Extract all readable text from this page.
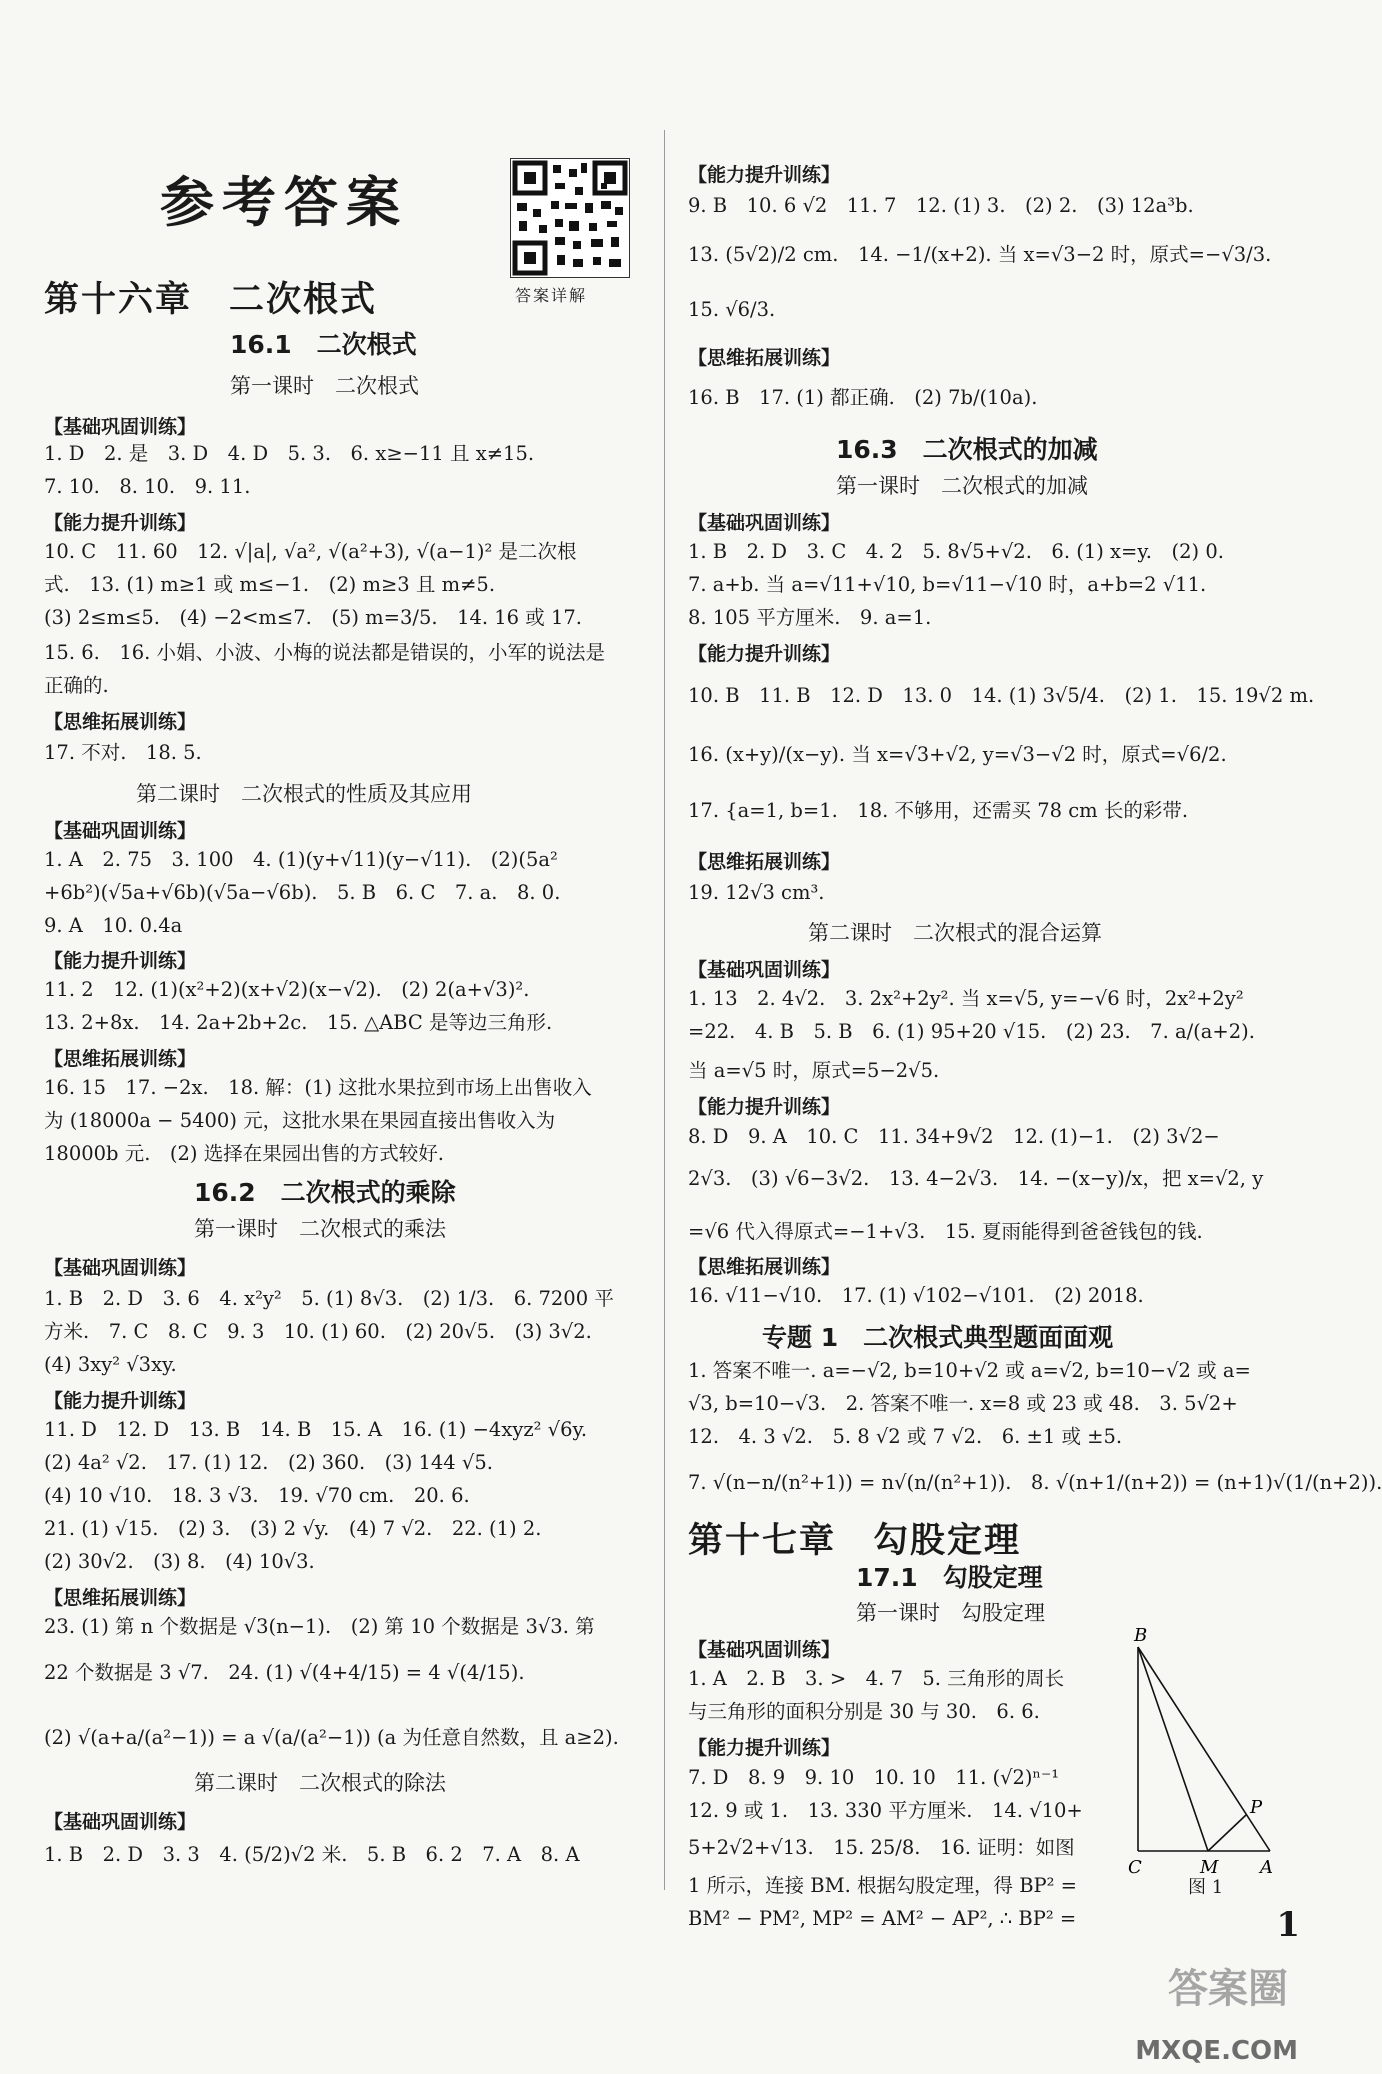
参考答案
答案详解
第十六章　二次根式
16.1　二次根式
第一课时　二次根式
【基础巩固训练】
1. D　2. 是　3. D　4. D　5. 3.　6. x≥−11 且 x≠15.
7. 10.　8. 10.　9. 11.
【能力提升训练】
10. C　11. 60　12. √|a|, √a², √(a²+3), √(a−1)² 是二次根
式.　13. (1) m≥1 或 m≤−1.　(2) m≥3 且 m≠5.
(3) 2≤m≤5.　(4) −2<m≤7.　(5) m=3/5.　14. 16 或 17.
15. 6.　16. 小娟、小波、小梅的说法都是错误的，小军的说法是
正确的.
【思维拓展训练】
17. 不对.　18. 5.
第二课时　二次根式的性质及其应用
【基础巩固训练】
1. A　2. 75　3. 100　4. (1)(y+√11)(y−√11).　(2)(5a²
+6b²)(√5a+√6b)(√5a−√6b).　5. B　6. C　7. a.　8. 0.
9. A　10. 0.4a
【能力提升训练】
11. 2　12. (1)(x²+2)(x+√2)(x−√2).　(2) 2(a+√3)².
13. 2+8x.　14. 2a+2b+2c.　15. △ABC 是等边三角形.
【思维拓展训练】
16. 15　17. −2x.　18. 解：(1) 这批水果拉到市场上出售收入
为 (18000a − 5400) 元，这批水果在果园直接出售收入为
18000b 元.　(2) 选择在果园出售的方式较好.
16.2　二次根式的乘除
第一课时　二次根式的乘法
【基础巩固训练】
1. B　2. D　3. 6　4. x²y²　5. (1) 8√3.　(2) 1/3.　6. 7200 平
方米.　7. C　8. C　9. 3　10. (1) 60.　(2) 20√5.　(3) 3√2.
(4) 3xy² √3xy.
【能力提升训练】
11. D　12. D　13. B　14. B　15. A　16. (1) −4xyz² √6y.
(2) 4a² √2.　17. (1) 12.　(2) 360.　(3) 144 √5.
(4) 10 √10.　18. 3 √3.　19. √70 cm.　20. 6.
21. (1) √15.　(2) 3.　(3) 2 √y.　(4) 7 √2.　22. (1) 2.
(2) 30√2.　(3) 8.　(4) 10√3.
【思维拓展训练】
23. (1) 第 n 个数据是 √3(n−1).　(2) 第 10 个数据是 3√3. 第
22 个数据是 3 √7.　24. (1) √(4+4/15) = 4 √(4/15).
(2) √(a+a/(a²−1)) = a √(a/(a²−1)) (a 为任意自然数，且 a≥2).
第二课时　二次根式的除法
【基础巩固训练】
1. B　2. D　3. 3　4. (5/2)√2 米.　5. B　6. 2　7. A　8. A
【能力提升训练】
9. B　10. 6 √2　11. 7　12. (1) 3.　(2) 2.　(3) 12a³b.
13. (5√2)/2 cm.　14. −1/(x+2). 当 x=√3−2 时，原式=−√3/3.
15. √6/3.
【思维拓展训练】
16. B　17. (1) 都正确.　(2) 7b/(10a).
16.3　二次根式的加减
第一课时　二次根式的加减
【基础巩固训练】
1. B　2. D　3. C　4. 2　5. 8√5+√2.　6. (1) x=y.　(2) 0.
7. a+b. 当 a=√11+√10, b=√11−√10 时，a+b=2 √11.
8. 105 平方厘米.　9. a=1.
【能力提升训练】
10. B　11. B　12. D　13. 0　14. (1) 3√5/4.　(2) 1.　15. 19√2 m.
16. (x+y)/(x−y). 当 x=√3+√2, y=√3−√2 时，原式=√6/2.
17. {a=1, b=1.　18. 不够用，还需买 78 cm 长的彩带.
【思维拓展训练】
19. 12√3 cm³.
第二课时　二次根式的混合运算
【基础巩固训练】
1. 13　2. 4√2.　3. 2x²+2y². 当 x=√5, y=−√6 时，2x²+2y²
=22.　4. B　5. B　6. (1) 95+20 √15.　(2) 23.　7. a/(a+2).
当 a=√5 时，原式=5−2√5.
【能力提升训练】
8. D　9. A　10. C　11. 34+9√2　12. (1)−1.　(2) 3√2−
2√3.　(3) √6−3√2.　13. 4−2√3.　14. −(x−y)/x，把 x=√2, y
=√6 代入得原式=−1+√3.　15. 夏雨能得到爸爸钱包的钱.
【思维拓展训练】
16. √11−√10.　17. (1) √102−√101.　(2) 2018.
专题 1　二次根式典型题面面观
1. 答案不唯一. a=−√2, b=10+√2 或 a=√2, b=10−√2 或 a=
√3, b=10−√3.　2. 答案不唯一. x=8 或 23 或 48.　3. 5√2+
12.　4. 3 √2.　5. 8 √2 或 7 √2.　6. ±1 或 ±5.
7. √(n−n/(n²+1)) = n√(n/(n²+1)).　8. √(n+1/(n+2)) = (n+1)√(1/(n+2)).
第十七章　勾股定理
17.1　勾股定理
第一课时　勾股定理
【基础巩固训练】
1. A　2. B　3. >　4. 7　5. 三角形的周长
与三角形的面积分别是 30 与 30.　6. 6.
【能力提升训练】
7. D　8. 9　9. 10　10. 10　11. (√2)ⁿ⁻¹
12. 9 或 1.　13. 330 平方厘米.　14. √10+
5+2√2+√13.　15. 25/8.　16. 证明：如图
1 所示，连接 BM. 根据勾股定理，得 BP² =
BM² − PM², MP² = AM² − AP², ∴ BP² =
B
P
C	M A
图 1
1
答案圈
MXQE.COM
